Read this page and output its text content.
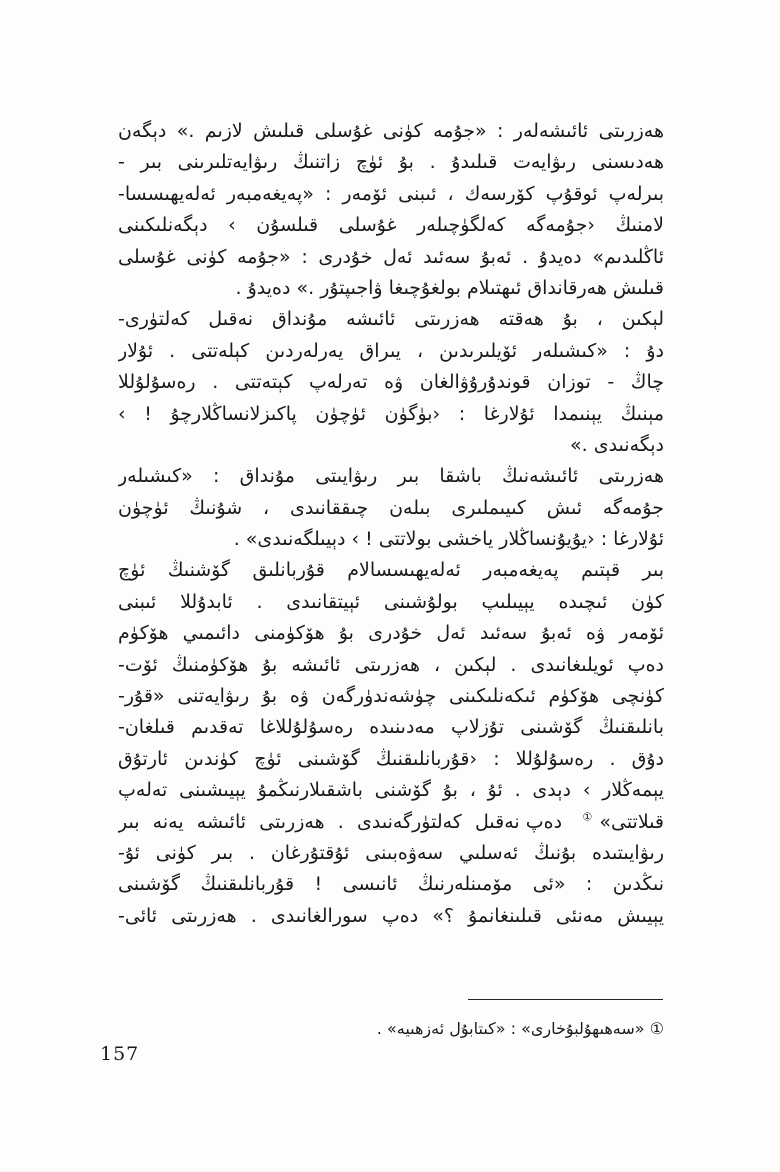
ھەزرىتى ئائىشەلەر : «جۇمە كۈنى غۇسلى قىلىش لازىم .» دېگەن
ھەدىسنى رىۋايەت قىلىدۇ . بۇ ئۈچ زاتنىڭ رىۋايەتلىرىنى بىر -
بىرلەپ ئوقۇپ كۆرسەك ، ئىبنى ئۆمەر : «پەيغەمبەر ئەلەيھىسسا-
لامنىڭ ‹جۇمەگە كەلگۈچىلەر غۇسلى قىلسۇن › دېگەنلىكىنى
ئاڭلىدىم» دەيدۇ . ئەبۇ سەئىد ئەل خۇدرى : «جۇمە كۈنى غۇسلى
قىلىش ھەرقانداق ئىھتىلام بولغۇچىغا ۋاجىپتۇر .» دەيدۇ .

لېكىن ، بۇ ھەقتە ھەزرىتى ئائىشە مۇنداق نەقىل كەلتۈرى-
دۇ : «كىشىلەر ئۆيلىرىدىن ، يىراق يەرلەردىن كېلەتتى . ئۇلار
چاڭ - توزان قوندۇرۇۋالغان ۋە تەرلەپ كېتەتتى . رەسۇلۇللا
مېنىڭ يېنىمدا ئۇلارغا : ‹بۈگۈن ئۈچۈن پاكىزلانساڭلارچۇ ! ›
دېگەنىدى .»

ھەزرىتى ئائىشەنىڭ باشقا بىر رىۋايىتى مۇنداق : «كىشىلەر
جۇمەگە ئىش كىيىملىرى بىلەن چىققانىدى ، شۇنىڭ ئۈچۈن
ئۇلارغا : ‹يۇيۇنساڭلار ياخشى بولاتتى ! › دېيىلگەنىدى» .

بىر قېتىم پەيغەمبەر ئەلەيھىسسالام قۇربانلىق گۆشنىڭ ئۈچ
كۈن ئىچىدە يېيىلىپ بولۇشىنى ئېيتقانىدى . ئابدۇللا ئىبنى
ئۆمەر ۋە ئەبۇ سەئىد ئەل خۇدرى بۇ ھۆكۈمنى دائىمىي ھۆكۈم
دەپ ئويلىغانىدى . لېكىن ، ھەزرىتى ئائىشە بۇ ھۆكۈمنىڭ ئۆت-
كۈنچى ھۆكۈم ئىكەنلىكىنى چۈشەندۈرگەن ۋە بۇ رىۋايەتنى «قۇر-
بانلىقنىڭ گۆشىنى تۇزلاپ مەدىنىدە رەسۇلۇللاغا تەقدىم قىلغان-
دۇق . رەسۇلۇللا : ‹قۇربانلىقنىڭ گۆشىنى ئۈچ كۈندىن ئارتۇق
يېمەڭلار › دېدى . ئۇ ، بۇ گۆشنى باشقىلارنىڭمۇ يېيىشىنى تەلەپ
قىلاتتى»① دەپ نەقىل كەلتۈرگەنىدى . ھەزرىتى ئائىشە يەنە بىر
رىۋايىتىدە بۇنىڭ ئەسلىي سەۋەبىنى ئۇقتۇرغان . بىر كۈنى ئۇ-
نىڭدىن : «ئى مۆمىنلەرنىڭ ئانىسى ! قۇربانلىقنىڭ گۆشىنى
يېيىش مەنئى قىلىنغانمۇ ؟» دەپ سورالغانىدى . ھەزرىتى ئائى-

① «سەھىھۇلبۇخارى» : «كىتابۇل ئەزھىيە» .
157
